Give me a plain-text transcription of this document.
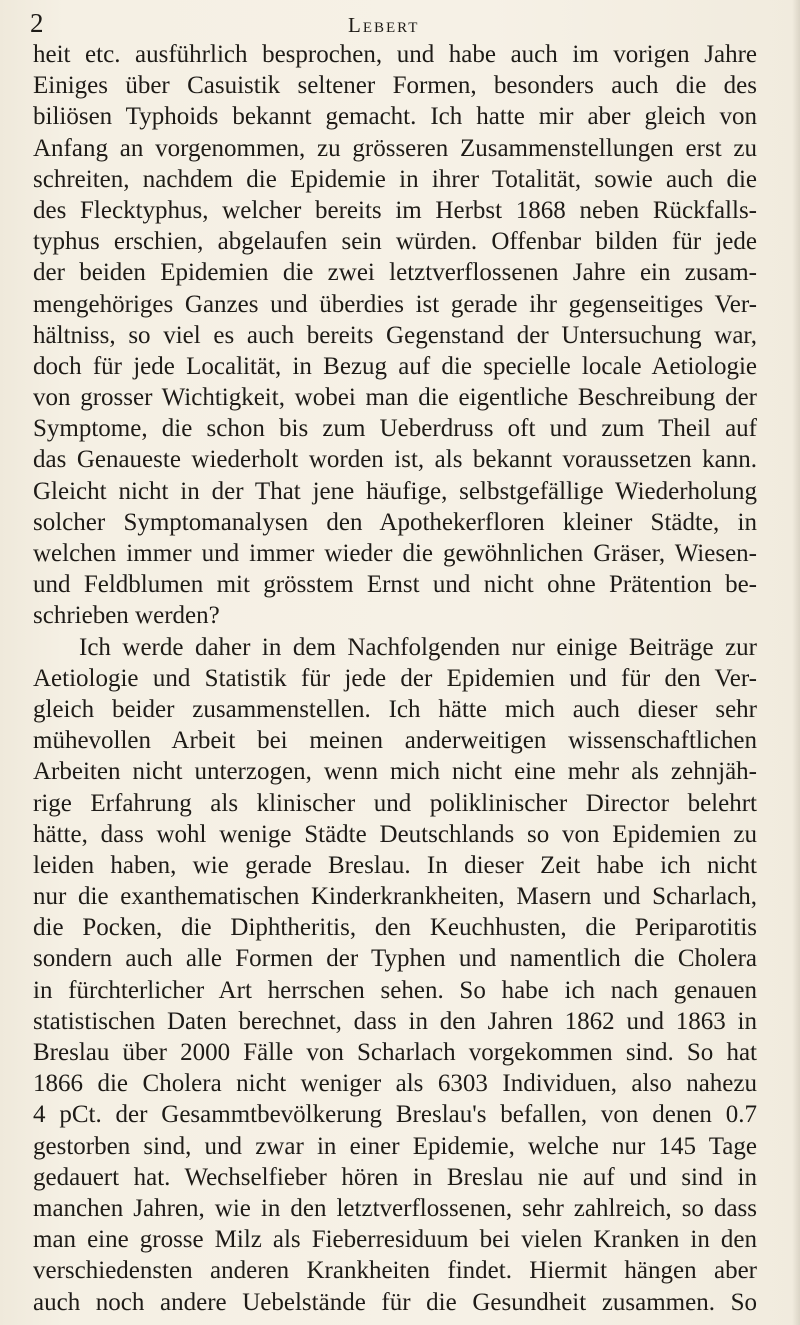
2	Lebert
heit etc. ausführlich besprochen, und habe auch im vorigen Jahre
Einiges über Casuistik seltener Formen, besonders auch die des
biliösen Typhoids bekannt gemacht. Ich hatte mir aber gleich von
Anfang an vorgenommen, zu grösseren Zusammenstellungen erst zu
schreiten, nachdem die Epidemie in ihrer Totalität, sowie auch die
des Flecktyphus, welcher bereits im Herbst 1868 neben Rückfalls-
typhus erschien, abgelaufen sein würden. Offenbar bilden für jede
der beiden Epidemien die zwei letztverflossenen Jahre ein zusam-
mengehöriges Ganzes und überdies ist gerade ihr gegenseitiges Ver-
hältniss, so viel es auch bereits Gegenstand der Untersuchung war,
doch für jede Localität, in Bezug auf die specielle locale Aetiologie
von grosser Wichtigkeit, wobei man die eigentliche Beschreibung der
Symptome, die schon bis zum Ueberdruss oft und zum Theil auf
das Genaueste wiederholt worden ist, als bekannt voraussetzen kann.
Gleicht nicht in der That jene häufige, selbstgefällige Wiederholung
solcher Symptomanalysen den Apothekerfloren kleiner Städte, in
welchen immer und immer wieder die gewöhnlichen Gräser, Wiesen-
und Feldblumen mit grösstem Ernst und nicht ohne Prätention be-
schrieben werden?
Ich werde daher in dem Nachfolgenden nur einige Beiträge zur
Aetiologie und Statistik für jede der Epidemien und für den Ver-
gleich beider zusammenstellen. Ich hätte mich auch dieser sehr
mühevollen Arbeit bei meinen anderweitigen wissenschaftlichen
Arbeiten nicht unterzogen, wenn mich nicht eine mehr als zehnjäh-
rige Erfahrung als klinischer und poliklinischer Director belehrt
hätte, dass wohl wenige Städte Deutschlands so von Epidemien zu
leiden haben, wie gerade Breslau. In dieser Zeit habe ich nicht
nur die exanthematischen Kinderkrankheiten, Masern und Scharlach,
die Pocken, die Diphtheritis, den Keuchhusten, die Periparotitis
sondern auch alle Formen der Typhen und namentlich die Cholera
in fürchterlicher Art herrschen sehen. So habe ich nach genauen
statistischen Daten berechnet, dass in den Jahren 1862 und 1863 in
Breslau über 2000 Fälle von Scharlach vorgekommen sind. So hat
1866 die Cholera nicht weniger als 6303 Individuen, also nahezu
4 pCt. der Gesammtbevölkerung Breslau's befallen, von denen 0.7
gestorben sind, und zwar in einer Epidemie, welche nur 145 Tage
gedauert hat. Wechselfieber hören in Breslau nie auf und sind in
manchen Jahren, wie in den letztverflossenen, sehr zahlreich, so dass
man eine grosse Milz als Fieberresiduum bei vielen Kranken in den
verschiedensten anderen Krankheiten findet. Hiermit hängen aber
auch noch andere Uebelstände für die Gesundheit zusammen. So
